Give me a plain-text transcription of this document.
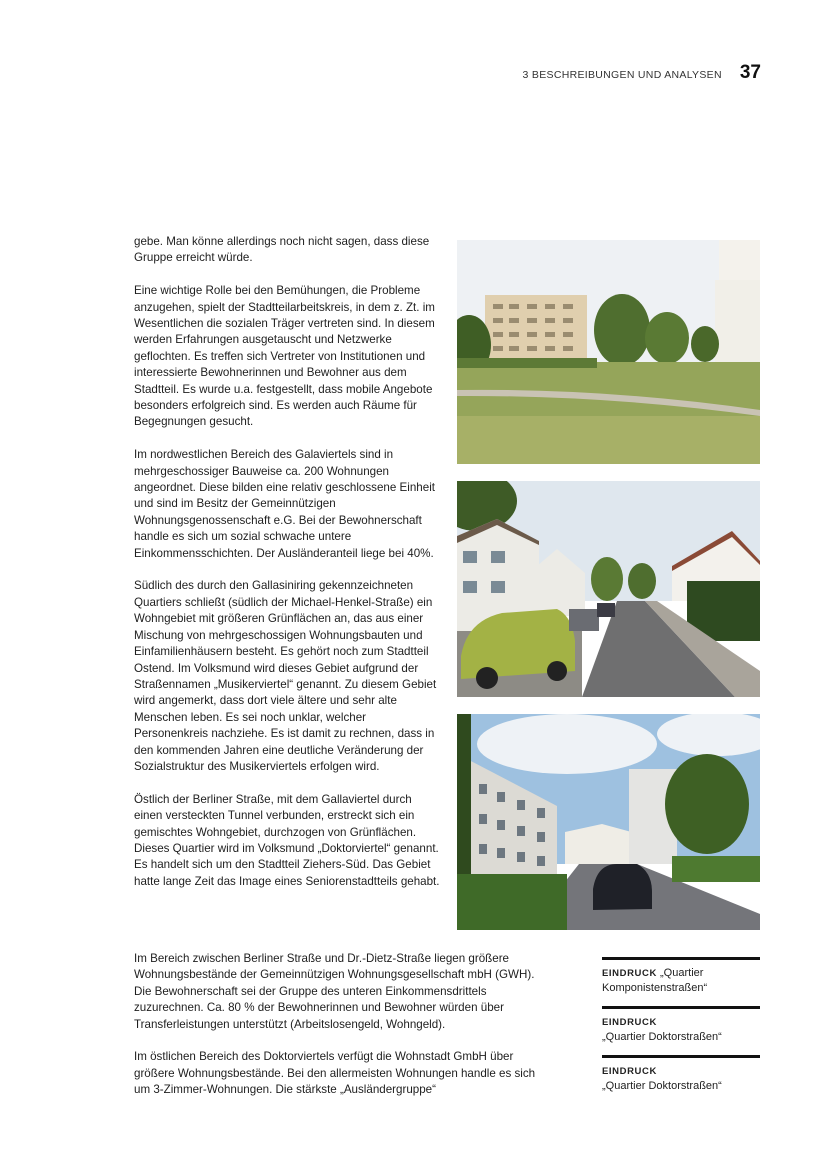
3 BESCHREIBUNGEN UND ANALYSEN 37

gebe. Man könne allerdings noch nicht sagen, dass diese Gruppe erreicht würde.

Eine wichtige Rolle bei den Bemühungen, die Probleme anzugehen, spielt der Stadtteilarbeitskreis, in dem z. Zt. im Wesentlichen die sozialen Träger vertreten sind. In diesem werden Erfahrungen ausgetauscht und Netzwerke geflochten. Es treffen sich Vertreter von Institutionen und interessierte Bewohnerinnen und Bewohner aus dem Stadtteil. Es wurde u.a. festgestellt, dass mobile Angebote besonders erfolgreich sind. Es werden auch Räume für Begegnungen gesucht.

Im nordwestlichen Bereich des Galaviertels sind in mehrgeschossiger Bauweise ca. 200 Wohnungen angeordnet. Diese bilden eine relativ geschlossene Einheit und sind im Besitz der Gemeinnützigen Wohnungsgenossenschaft e.G. Bei der Bewohnerschaft handle es sich um sozial schwache untere Einkommensschichten. Der Ausländeranteil liege bei 40%.

Südlich des durch den Gallasiniring gekennzeichneten Quartiers schließt (südlich der Michael-Henkel-Straße) ein Wohngebiet mit größeren Grünflächen an, das aus einer Mischung von mehrgeschossigen Wohnungsbauten und Einfamilienhäusern besteht. Es gehört noch zum Stadtteil Ostend. Im Volksmund wird dieses Gebiet aufgrund der Straßennamen „Musikerviertel“ genannt. Zu diesem Gebiet wird angemerkt, dass dort viele ältere und sehr alte Menschen leben. Es sei noch unklar, welcher Personenkreis nachziehe. Es ist damit zu rechnen, dass in den kommenden Jahren eine deutliche Veränderung der Sozialstruktur des Musikerviertels erfolgen wird.

Östlich der Berliner Straße, mit dem Gallaviertel durch einen versteckten Tunnel verbunden, erstreckt sich ein gemischtes Wohngebiet, durchzogen von Grünflächen. Dieses Quartier wird im Volksmund „Doktorviertel“ genannt. Es handelt sich um den Stadtteil Ziehers-Süd. Das Gebiet hatte lange Zeit das Image eines Seniorenstadtteils gehabt.

Im Bereich zwischen Berliner Straße und Dr.-Dietz-Straße liegen größere Wohnungsbestände der Gemeinnützigen Wohnungsgesellschaft mbH (GWH). Die Bewohnerschaft sei der Gruppe des unteren Einkommensdrittels zuzurechnen. Ca. 80 % der Bewohnerinnen und Bewohner würden über Transferleistungen unterstützt (Arbeitslosengeld, Wohngeld).

Im östlichen Bereich des Doktorviertels verfügt die Wohnstadt GmbH über größere Wohnungsbestände. Bei den allermeisten Wohnungen handle es sich um 3-Zimmer-Wohnungen. Die stärkste „Ausländergruppe“

EINDRUCK „Quartier Komponistenstraßen“
EINDRUCK
„Quartier Doktorstraßen“
EINDRUCK
„Quartier Doktorstraßen“
